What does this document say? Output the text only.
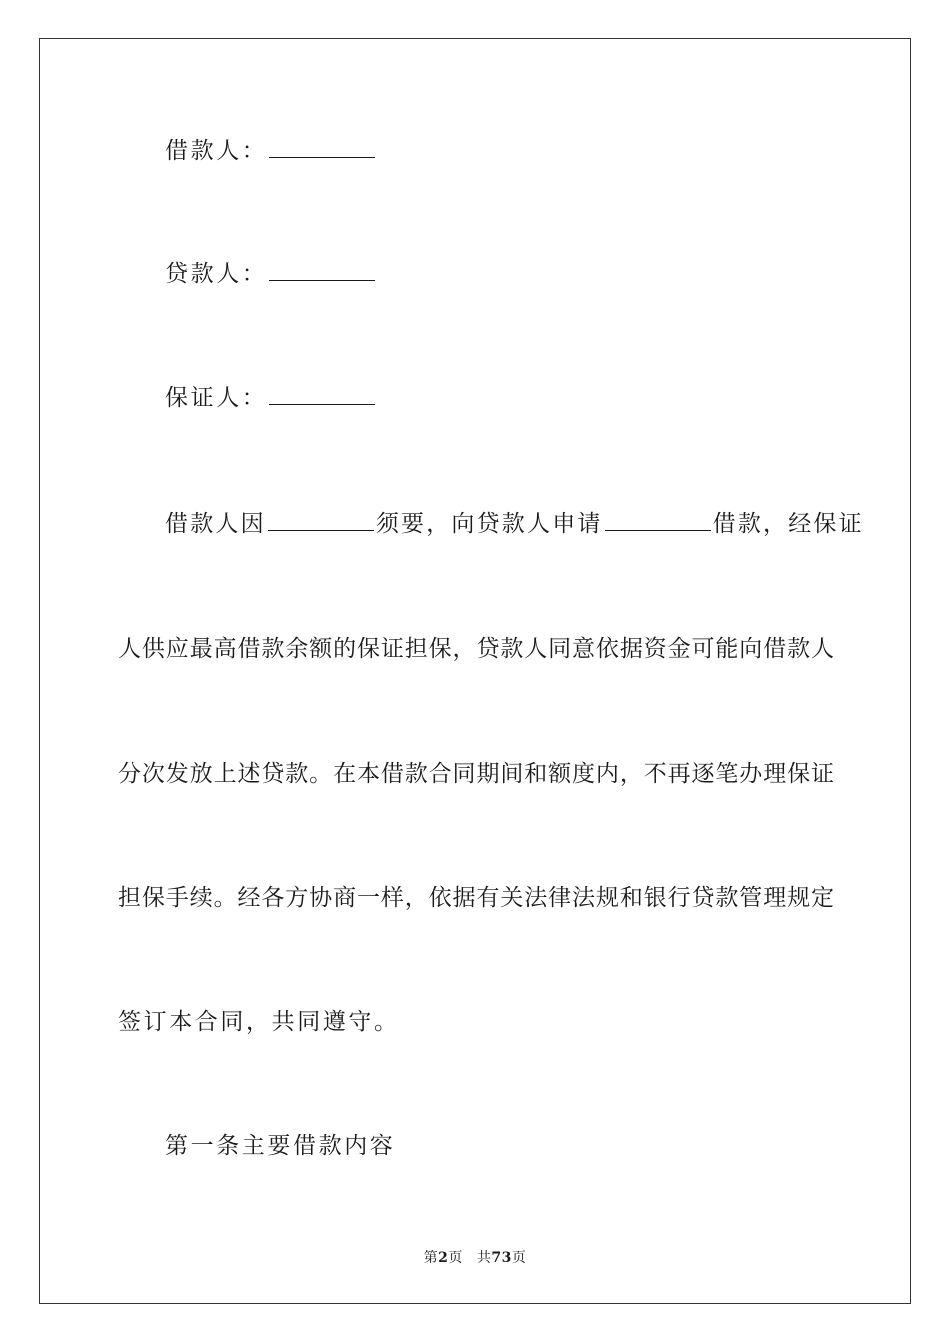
借款人：
贷款人：
保证人：
借款人因	须要，向贷款人申请	借款，经保证
人供应最高借款余额的保证担保，贷款人同意依据资金可能向借款人
分次发放上述贷款。在本借款合同期间和额度内，不再逐笔办理保证
担保手续。经各方协商一样，依据有关法律法规和银行贷款管理规定
签订本合同，共同遵守。
第一条主要借款内容
第2页 共73页
